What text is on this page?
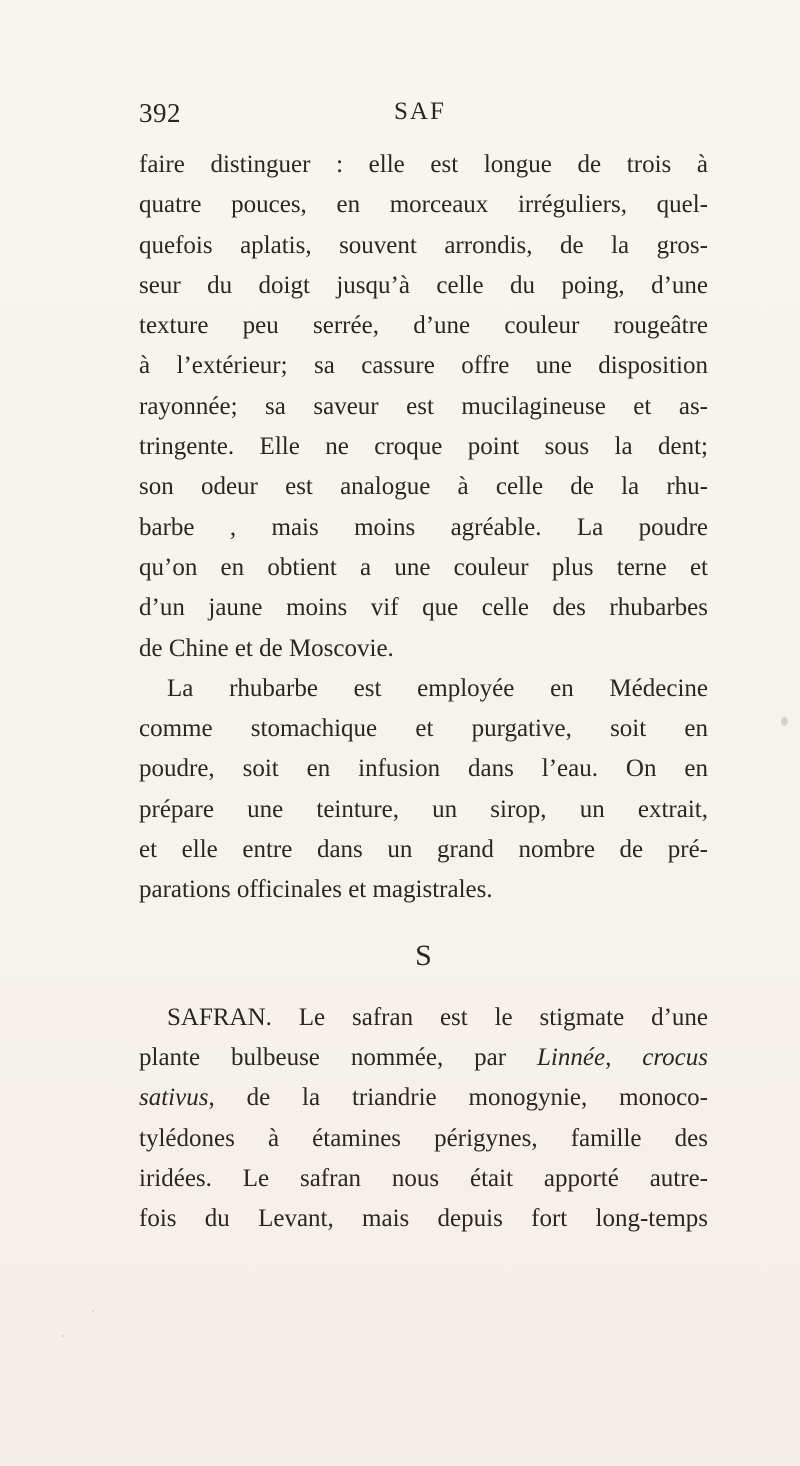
392	SAF
faire distinguer : elle est longue de trois à
quatre pouces, en morceaux irréguliers, quel-
quefois aplatis, souvent arrondis, de la gros-
seur du doigt jusqu’à celle du poing, d’une
texture peu serrée, d’une couleur rougeâtre
à l’extérieur; sa cassure offre une disposition
rayonnée; sa saveur est mucilagineuse et as-
tringente. Elle ne croque point sous la dent;
son odeur est analogue à celle de la rhu-
barbe , mais moins agréable. La poudre
qu’on en obtient a une couleur plus terne et
d’un jaune moins vif que celle des rhubarbes
de Chine et de Moscovie.
La rhubarbe est employée en Médecine
comme stomachique et purgative, soit en
poudre, soit en infusion dans l’eau. On en
prépare une teinture, un sirop, un extrait,
et elle entre dans un grand nombre de pré-
parations officinales et magistrales.
S
SAFRAN. Le safran est le stigmate d’une
plante bulbeuse nommée, par Linnée, crocus
sativus, de la triandrie monogynie, monoco-
tylédones à étamines périgynes, famille des
iridées. Le safran nous était apporté autre-
fois du Levant, mais depuis fort long-temps
